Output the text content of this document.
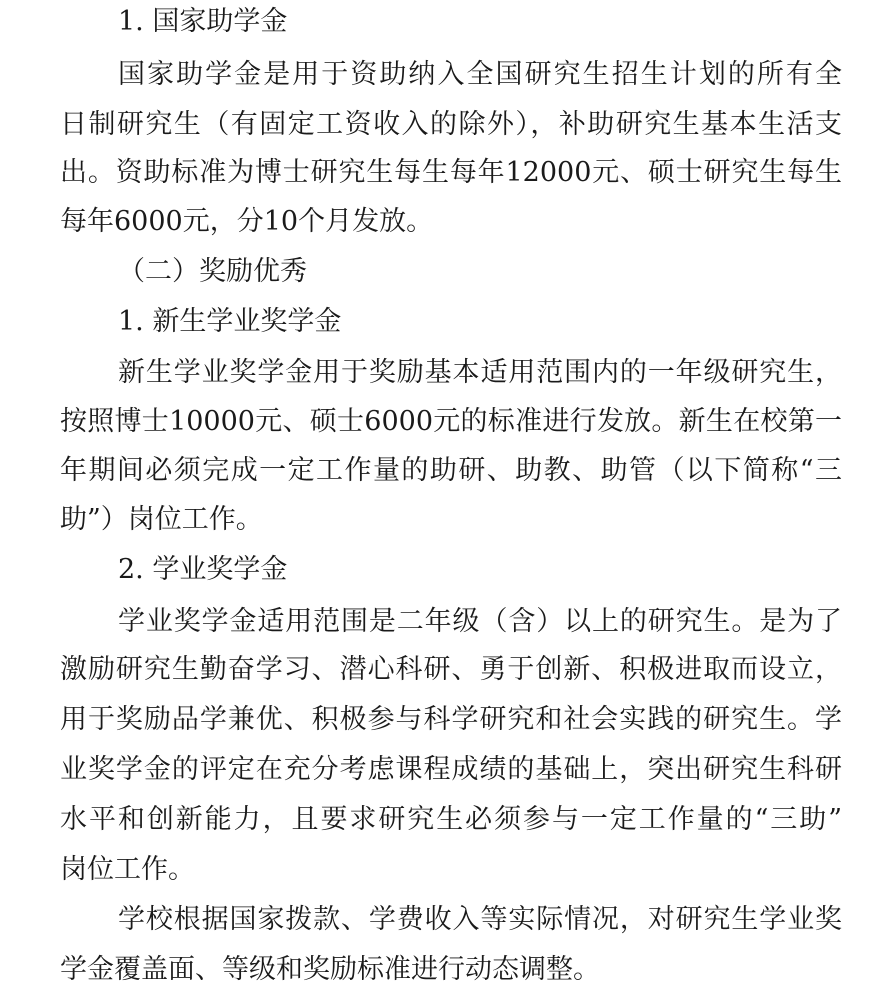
1. 国家助学金
国家助学金是用于资助纳入全国研究生招生计划的所有全
日制研究生（有固定工资收入的除外），补助研究生基本生活支
出。资助标准为博士研究生每生每年12000元、硕士研究生每生
每年6000元，分10个月发放。
（二）奖励优秀
1. 新生学业奖学金
新生学业奖学金用于奖励基本适用范围内的一年级研究生，
按照博士10000元、硕士6000元的标准进行发放。新生在校第一
年期间必须完成一定工作量的助研、助教、助管（以下简称“三
助”）岗位工作。
2. 学业奖学金
学业奖学金适用范围是二年级（含）以上的研究生。是为了
激励研究生勤奋学习、潜心科研、勇于创新、积极进取而设立，
用于奖励品学兼优、积极参与科学研究和社会实践的研究生。学
业奖学金的评定在充分考虑课程成绩的基础上，突出研究生科研
水平和创新能力，且要求研究生必须参与一定工作量的“三助”
岗位工作。
学校根据国家拨款、学费收入等实际情况，对研究生学业奖
学金覆盖面、等级和奖励标准进行动态调整。
